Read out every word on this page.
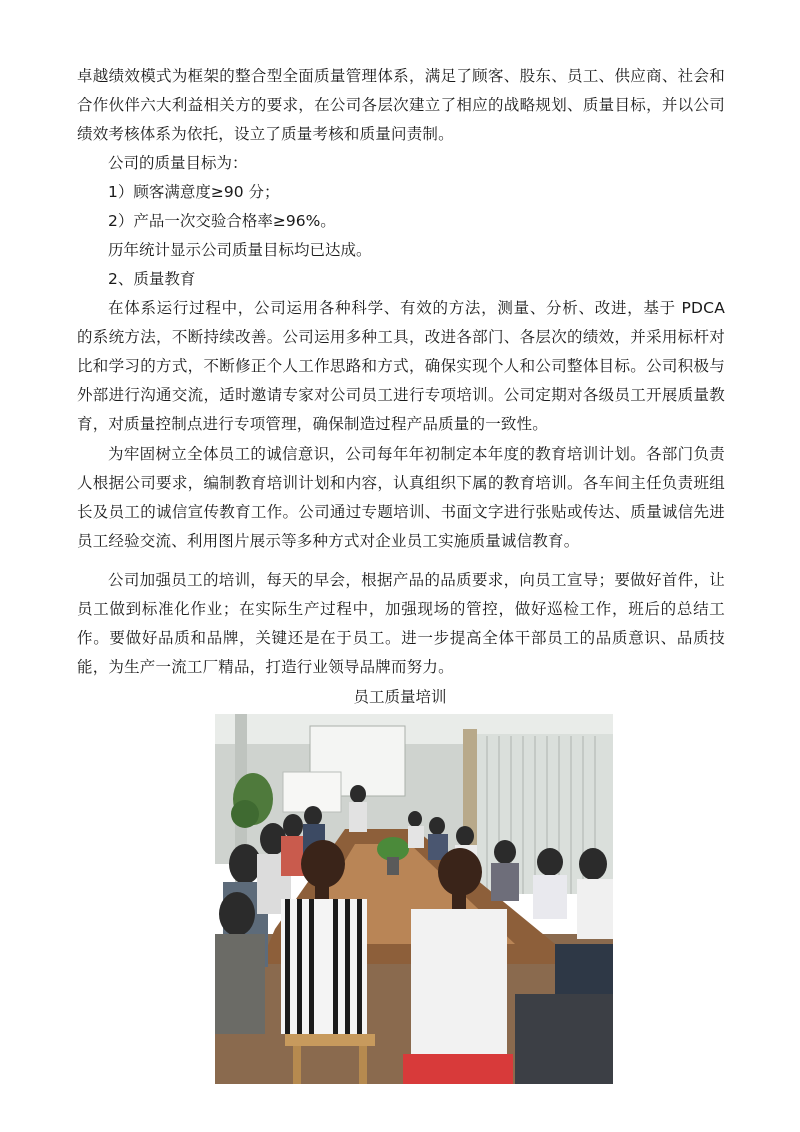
卓越绩效模式为框架的整合型全面质量管理体系，满足了顾客、股东、员工、供应商、社会和合作伙伴六大利益相关方的要求，在公司各层次建立了相应的战略规划、质量目标，并以公司绩效考核体系为依托，设立了质量考核和质量问责制。

公司的质量目标为：
1）顾客满意度≥90 分；
2）产品一次交验合格率≥96%。
历年统计显示公司质量目标均已达成。
2、质量教育

在体系运行过程中，公司运用各种科学、有效的方法，测量、分析、改进，基于 PDCA 的系统方法，不断持续改善。公司运用多种工具，改进各部门、各层次的绩效，并采用标杆对比和学习的方式，不断修正个人工作思路和方式，确保实现个人和公司整体目标。公司积极与外部进行沟通交流，适时邀请专家对公司员工进行专项培训。公司定期对各级员工开展质量教育，对质量控制点进行专项管理，确保制造过程产品质量的一致性。

为牢固树立全体员工的诚信意识，公司每年年初制定本年度的教育培训计划。各部门负责人根据公司要求，编制教育培训计划和内容，认真组织下属的教育培训。各车间主任负责班组长及员工的诚信宣传教育工作。公司通过专题培训、书面文字进行张贴或传达、质量诚信先进员工经验交流、利用图片展示等多种方式对企业员工实施质量诚信教育。

公司加强员工的培训，每天的早会，根据产品的品质要求，向员工宣导；要做好首件，让员工做到标准化作业；在实际生产过程中，加强现场的管控，做好巡检工作，班后的总结工作。要做好品质和品牌，关键还是在于员工。进一步提高全体干部员工的品质意识、品质技能，为生产一流工厂精品，打造行业领导品牌而努力。

员工质量培训
